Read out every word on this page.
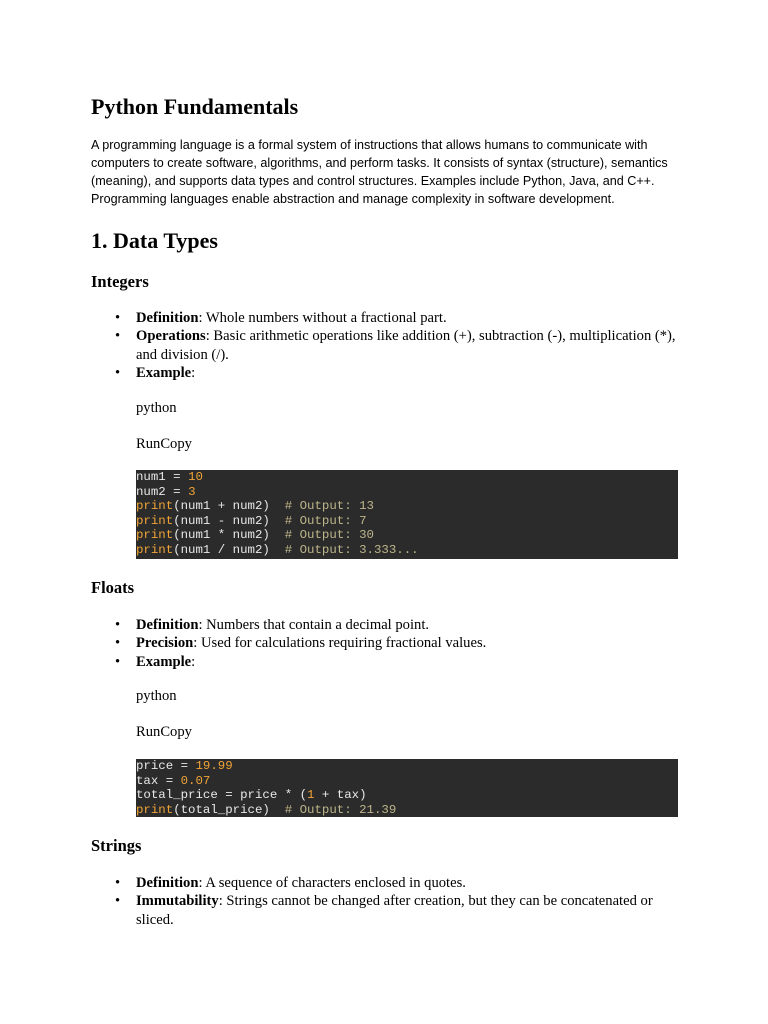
Python Fundamentals

A programming language is a formal system of instructions that allows humans to communicate with computers to create software, algorithms, and perform tasks. It consists of syntax (structure), semantics (meaning), and supports data types and control structures. Examples include Python, Java, and C++. Programming languages enable abstraction and manage complexity in software development.

1. Data Types
Integers
• Definition: Whole numbers without a fractional part.
• Operations: Basic arithmetic operations like addition (+), subtraction (-), multiplication (*), and division (/).
• Example:

python

RunCopy

num1 = 10
num2 = 3
print(num1 + num2)  # Output: 13
print(num1 - num2)  # Output: 7
print(num1 * num2)  # Output: 30
print(num1 / num2)  # Output: 3.333...
Floats
• Definition: Numbers that contain a decimal point.
• Precision: Used for calculations requiring fractional values.
• Example:

python

RunCopy

price = 19.99
tax = 0.07
total_price = price * (1 + tax)
print(total_price)  # Output: 21.39
Strings
• Definition: A sequence of characters enclosed in quotes.
• Immutability: Strings cannot be changed after creation, but they can be concatenated or sliced.
